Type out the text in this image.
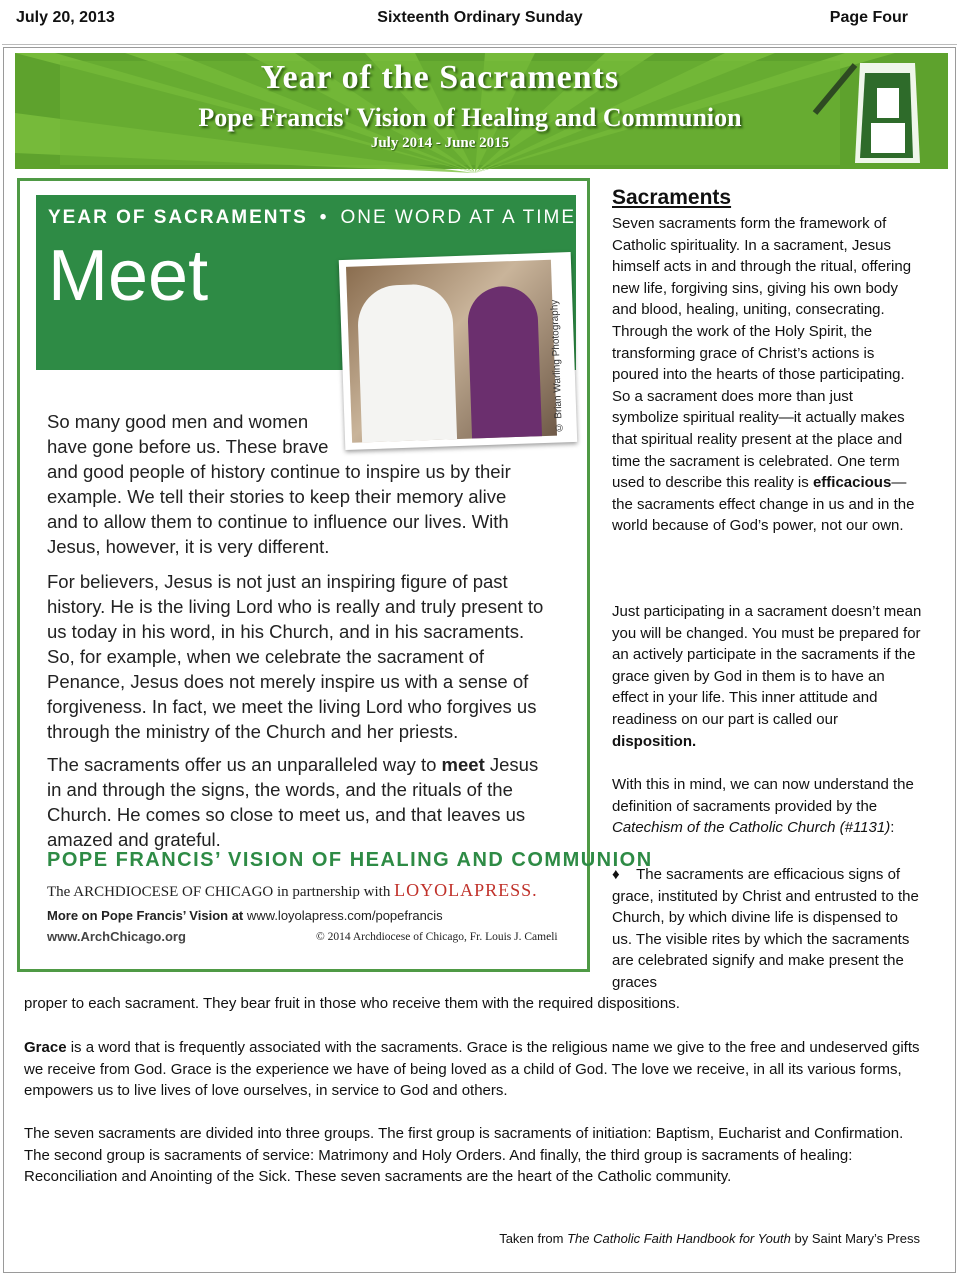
July 20, 2013	Sixteenth Ordinary Sunday	Page Four
Year of the Sacraments
Pope Francis' Vision of Healing and Communion
July 2014 - June 2015
YEAR OF SACRAMENTS • ONE WORD AT A TIME
Meet
© Brian Warling Photography
So many good men and women have gone before us. These brave
and good people of history continue to inspire us by their example. We tell their stories to keep their memory alive and to allow them to continue to influence our lives. With Jesus, however, it is very different.
For believers, Jesus is not just an inspiring figure of past history. He is the living Lord who is really and truly present to us today in his word, in his Church, and in his sacraments. So, for example, when we celebrate the sacrament of Penance, Jesus does not merely inspire us with a sense of forgiveness. In fact, we meet the living Lord who forgives us through the ministry of the Church and her priests.
The sacraments offer us an unparalleled way to meet Jesus in and through the signs, the words, and the rituals of the Church. He comes so close to meet us, and that leaves us amazed and grateful.
POPE FRANCIS’ VISION OF HEALING AND COMMUNION
The ARCHDIOCESE OF CHICAGO in partnership with LOYOLAPRESS.
More on Pope Francis’ Vision at www.loyolapress.com/popefrancis
www.ArchChicago.org	© 2014 Archdiocese of Chicago, Fr. Louis J. Cameli
Sacraments
Seven sacraments form the framework of Catholic spirituality. In a sacrament, Jesus himself acts in and through the ritual, offering new life, forgiving sins, giving his own body and blood, healing, uniting, consecrating. Through the work of the Holy Spirit, the transforming grace of Christ’s actions is poured into the hearts of those participating. So a sacrament does more than just symbolize spiritual reality—it actually makes that spiritual reality present at the place and time the sacrament is celebrated. One term used to describe this reality is efficacious—the sacraments effect change in us and in the world because of God’s power, not our own.
Just participating in a sacrament doesn’t mean you will be changed. You must be prepared for an actively participate in the sacraments if the grace given by God in them is to have an effect in your life. This inner attitude and readiness on our part is called our disposition.
With this in mind, we can now understand the definition of sacraments provided by the Catechism of the Catholic Church (#1131):
♦ The sacraments are efficacious signs of grace, instituted by Christ and entrusted to the Church, by which divine life is dispensed to us. The visible rites by which the sacraments are celebrated signify and make present the graces
proper to each sacrament. They bear fruit in those who receive them with the required dispositions.
Grace is a word that is frequently associated with the sacraments. Grace is the religious name we give to the free and undeserved gifts we receive from God. Grace is the experience we have of being loved as a child of God. The love we receive, in all its various forms, empowers us to live lives of love ourselves, in service to God and others.
The seven sacraments are divided into three groups. The first group is sacraments of initiation: Baptism, Eucharist and Confirmation. The second group is sacraments of service: Matrimony and Holy Orders. And finally, the third group is sacraments of healing: Reconciliation and Anointing of the Sick. These seven sacraments are the heart of the Catholic community.
Taken from The Catholic Faith Handbook for Youth by Saint Mary’s Press
